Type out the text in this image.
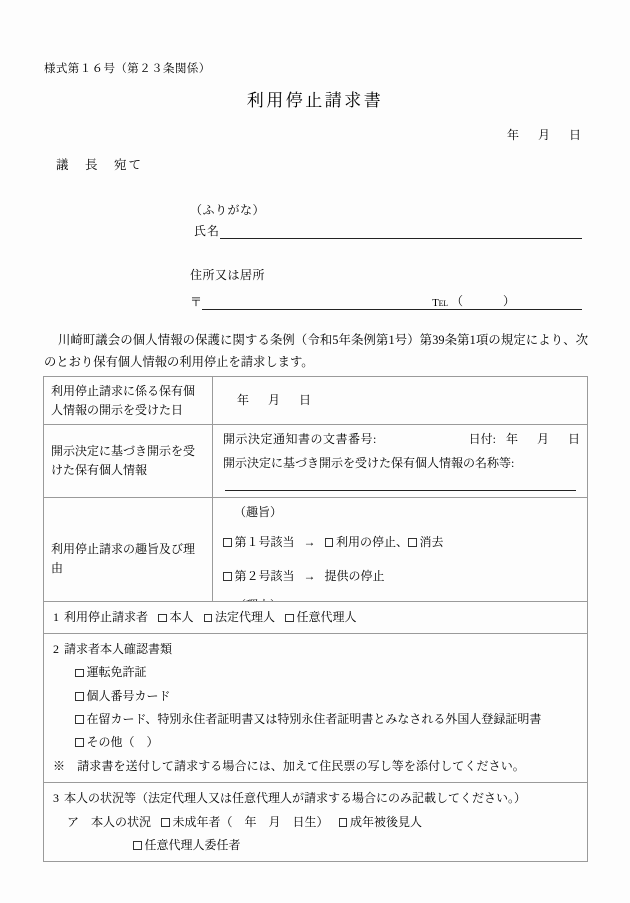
様式第１６号（第２３条関係）
利用停止請求書
年 月 日
議　長　宛て
（ふりがな）
氏名
住所又は居所
〒	Tel （　　　）
川崎町議会の個人情報の保護に関する条例（令和5年条例第1号）第39条第1項の規定により、次のとおり保有個人情報の利用停止を請求します。
利用停止請求に係る保有個人情報の開示を受けた日	年 月 日
開示決定に基づき開示を受けた保有個人情報	開示決定通知書の文書番号: 日付: 年 月 日
開示決定に基づき開示を受けた保有個人情報の名称等:

利用停止請求の趣旨及び理由	（趣旨）
第１号該当 → 利用の停止、 消去
第２号該当 → 提供の停止
1 利用停止請求者 本人 法定代理人 任意代理人

2 請求者本人確認書類
運転免許証
個人番号カード
在留カード、特別永住者証明書又は特別永住者証明書とみなされる外国人登録証明書
その他（　）
※　請求書を送付して請求する場合には、加えて住民票の写し等を添付してください。

3 本人の状況等（法定代理人又は任意代理人が請求する場合にのみ記載してください。）
ア　本人の状況 未成年者（　年　月　日生） 成年被後見人
任意代理人委任者
